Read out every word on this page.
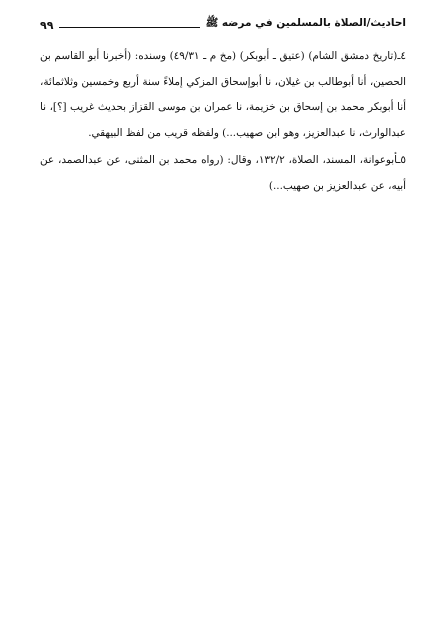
احاديث/الصلاة بالمسلمين في مرضه ﷺ
٩٩

٤ـ(تاريخ دمشق الشام) (عتيق ـ أبوبكر) (مخ م ـ ٤٩/٣١) وسنده: (أخبرنا أبو القاسم بن الحصين، أنا أبوطالب بن غيلان، نا أبوإسحاق المزكي إملاءً سنة أربع وخمسين وثلاثمائة، أنا أبوبكر محمد بن إسحاق بن خزيمة، نا عمران بن موسى القزاز بحديث غريب [؟]، نا عبدالوارث، نا عبدالعزيز، وهو ابن صهيب...) ولفظه قريب من لفظ البيهقي.

٥ـأبوعوانة، المسند، الصلاة، ١٣٢/٢، وقال: (رواه محمد بن المثنى، عن عبدالصمد، عن أبيه، عن عبدالعزيز بن صهيب...)
